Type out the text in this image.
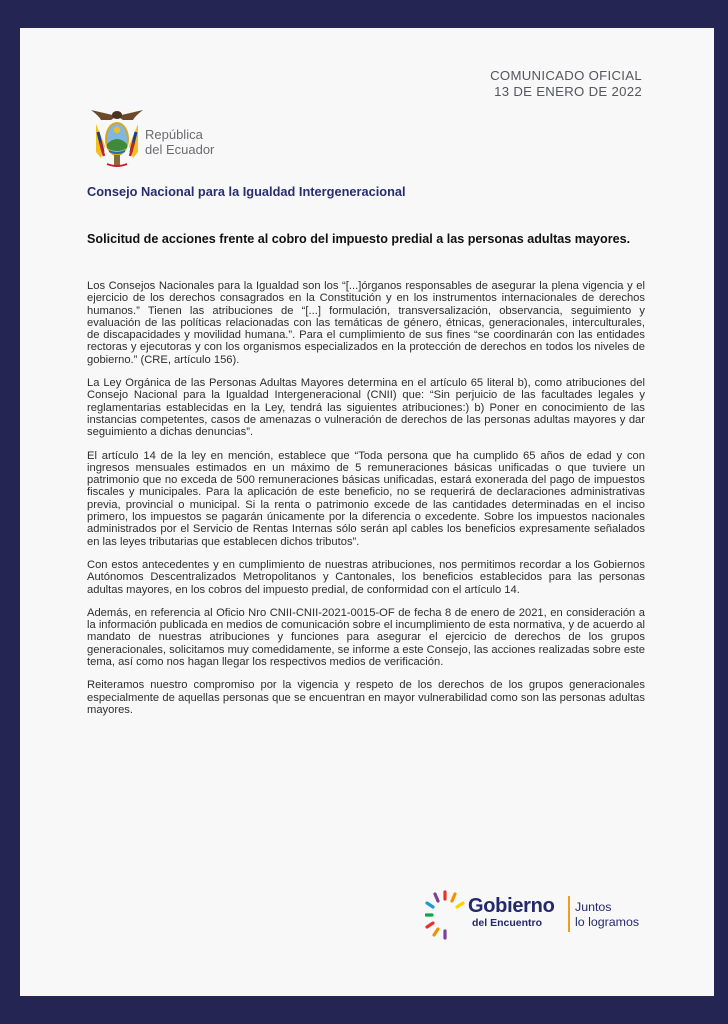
COMUNICADO OFICIAL
13 DE ENERO DE 2022
República
del Ecuador
Consejo Nacional para la Igualdad Intergeneracional
Solicitud de acciones frente al cobro del impuesto predial a las personas adultas mayores.

Los Consejos Nacionales para la Igualdad son los “[...]órganos responsables de asegurar la plena vigencia y el ejercicio de los derechos consagrados en la Constitución y en los instrumentos internacionales de derechos humanos.” Tienen las atribuciones de “[...] formulación, transversalización, observancia, seguimiento y evaluación de las políticas relacionadas con las temáticas de género, étnicas, generacionales, interculturales, de discapacidades y movilidad humana.”. Para el cumplimiento de sus fines “se coordinarán con las entidades rectoras y ejecutoras y con los organismos especializados en la protección de derechos en todos los niveles de gobierno.” (CRE, artículo 156).

La Ley Orgánica de las Personas Adultas Mayores determina en el artículo 65 literal b), como atribuciones del Consejo Nacional para la Igualdad Intergeneracional (CNII) que: “Sin perjuicio de las facultades legales y reglamentarias establecidas en la Ley, tendrá las siguientes atribuciones:) b) Poner en conocimiento de las instancias competentes, casos de amenazas o vulneración de derechos de las personas adultas mayores y dar seguimiento a dichas denuncias”.

El artículo 14 de la ley en mención, establece que “Toda persona que ha cumplido 65 años de edad y con ingresos mensuales estimados en un máximo de 5 remuneraciones básicas unificadas o que tuviere un patrimonio que no exceda de 500 remuneraciones básicas unificadas, estará exonerada del pago de impuestos fiscales y municipales. Para la aplicación de este beneficio, no se requerirá de declaraciones administrativas previa, provincial o municipal. Si la renta o patrimonio excede de las cantidades determinadas en el inciso primero, los impuestos se pagarán únicamente por la diferencia o excedente. Sobre los impuestos nacionales administrados por el Servicio de Rentas Internas sólo serán apl cables los beneficios expresamente señalados en las leyes tributarias que establecen dichos tributos”.

Con estos antecedentes y en cumplimiento de nuestras atribuciones, nos permitimos recordar a los Gobiernos Autónomos Descentralizados Metropolitanos y Cantonales, los beneficios establecidos para las personas adultas mayores, en los cobros del impuesto predial, de conformidad con el artículo 14.

Además, en referencia al Oficio Nro CNII-CNII-2021-0015-OF de fecha 8 de enero de 2021, en consideración a la información publicada en medios de comunicación sobre el incumplimiento de esta normativa, y de acuerdo al mandato de nuestras atribuciones y funciones para asegurar el ejercicio de derechos de los grupos generacionales, solicitamos muy comedidamente, se informe a este Consejo, las acciones realizadas sobre este tema, así como nos hagan llegar los respectivos medios de verificación.

Reiteramos nuestro compromiso por la vigencia y respeto de los derechos de los grupos generacionales especialmente de aquellas personas que se encuentran en mayor vulnerabilidad como son las personas adultas mayores.

Gobierno
del Encuentro
Juntos
lo logramos
